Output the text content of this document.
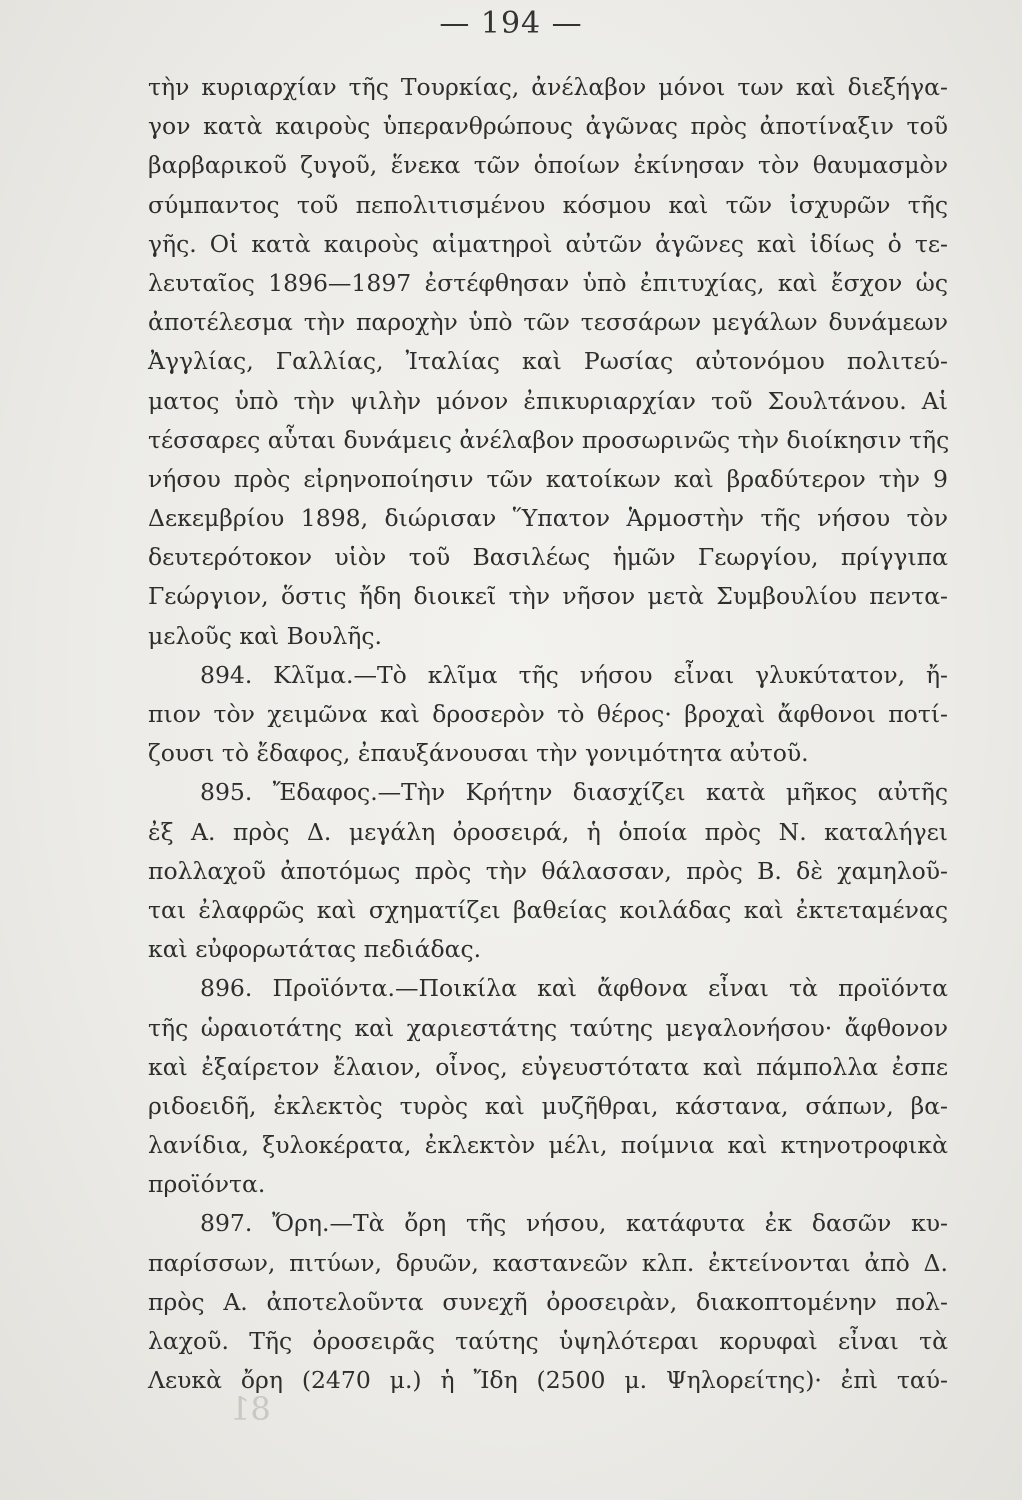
— 194 —
τὴν κυριαρχίαν τῆς Τουρκίας, ἀνέλαβον μόνοι των καὶ διεξήγα-
γον κατὰ καιροὺς ὑπερανθρώπους ἀγῶνας πρὸς ἀποτίναξιν τοῦ
βαρβαρικοῦ ζυγοῦ, ἕνεκα τῶν ὁποίων ἐκίνησαν τὸν θαυμασμὸν
σύμπαντος τοῦ πεπολιτισμένου κόσμου καὶ τῶν ἰσχυρῶν τῆς
γῆς. Οἱ κατὰ καιροὺς αἱματηροὶ αὐτῶν ἀγῶνες καὶ ἰδίως ὁ τε-
λευταῖος 1896—1897 ἐστέφθησαν ὑπὸ ἐπιτυχίας, καὶ ἔσχον ὡς
ἀποτέλεσμα τὴν παροχὴν ὑπὸ τῶν τεσσάρων μεγάλων δυνάμεων
Ἀγγλίας, Γαλλίας, Ἰταλίας καὶ Ρωσίας αὐτονόμου πολιτεύ-
ματος ὑπὸ τὴν ψιλὴν μόνον ἐπικυριαρχίαν τοῦ Σουλτάνου. Αἱ
τέσσαρες αὗται δυνάμεις ἀνέλαβον προσωρινῶς τὴν διοίκησιν τῆς
νήσου πρὸς εἰρηνοποίησιν τῶν κατοίκων καὶ βραδύτερον τὴν 9
Δεκεμβρίου 1898, διώρισαν Ὕπατον Ἁρμοστὴν τῆς νήσου τὸν
δευτερότοκον υἱὸν τοῦ Βασιλέως ἡμῶν Γεωργίου, πρίγγιπα
Γεώργιον, ὅστις ἤδη διοικεῖ τὴν νῆσον μετὰ Συμβουλίου πεντα-
μελοῦς καὶ Βουλῆς.
894. Κλῖμα.—Τὸ κλῖμα τῆς νήσου εἶναι γλυκύτατον, ἤ-
πιον τὸν χειμῶνα καὶ δροσερὸν τὸ θέρος· βροχαὶ ἄφθονοι ποτί-
ζουσι τὸ ἔδαφος, ἐπαυξάνουσαι τὴν γονιμότητα αὐτοῦ.
895. Ἔδαφος.—Τὴν Κρήτην διασχίζει κατὰ μῆκος αὐτῆς
ἐξ Α. πρὸς Δ. μεγάλη ὀροσειρά, ἡ ὁποία πρὸς Ν. καταλήγει
πολλαχοῦ ἀποτόμως πρὸς τὴν θάλασσαν, πρὸς Β. δὲ χαμηλοῦ-
ται ἐλαφρῶς καὶ σχηματίζει βαθείας κοιλάδας καὶ ἐκτεταμένας
καὶ εὐφορωτάτας πεδιάδας.
896. Προϊόντα.—Ποικίλα καὶ ἄφθονα εἶναι τὰ προϊόντα
τῆς ὡραιοτάτης καὶ χαριεστάτης ταύτης μεγαλονήσου· ἄφθονον
καὶ ἐξαίρετον ἔλαιον, οἶνος, εὐγευστότατα καὶ πάμπολλα ἐσπε
ριδοειδῆ, ἐκλεκτὸς τυρὸς καὶ μυζῆθραι, κάστανα, σάπων, βα-
λανίδια, ξυλοκέρατα, ἐκλεκτὸν μέλι, ποίμνια καὶ κτηνοτροφικὰ
προϊόντα.
897. Ὄρη.—Τὰ ὄρη τῆς νήσου, κατάφυτα ἐκ δασῶν κυ-
παρίσσων, πιτύων, δρυῶν, καστανεῶν κλπ. ἐκτείνονται ἀπὸ Δ.
πρὸς Α. ἀποτελοῦντα συνεχῆ ὀροσειρὰν, διακοπτομένην πολ-
λαχοῦ. Τῆς ὀροσειρᾶς ταύτης ὑψηλότεραι κορυφαὶ εἶναι τὰ
Λευκὰ ὄρη (2470 μ.) ἡ Ἴδη (2500 μ. Ψηλορείτης)· ἐπὶ ταύ-
81
